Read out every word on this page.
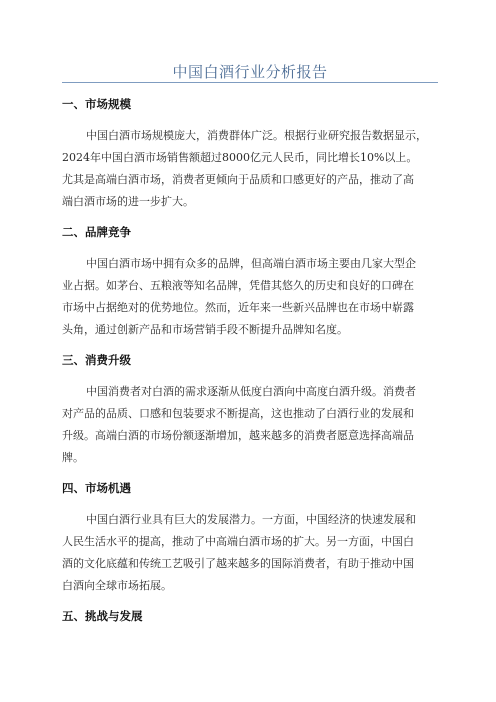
中国白酒行业分析报告
一、市场规模

中国白酒市场规模庞大，消费群体广泛。根据行业研究报告数据显示，
2024年中国白酒市场销售额超过8000亿元人民币，同比增长10%以上。
尤其是高端白酒市场，消费者更倾向于品质和口感更好的产品，推动了高
端白酒市场的进一步扩大。

二、品牌竞争

中国白酒市场中拥有众多的品牌，但高端白酒市场主要由几家大型企
业占据。如茅台、五粮液等知名品牌，凭借其悠久的历史和良好的口碑在
市场中占据绝对的优势地位。然而，近年来一些新兴品牌也在市场中崭露
头角，通过创新产品和市场营销手段不断提升品牌知名度。

三、消费升级

中国消费者对白酒的需求逐渐从低度白酒向中高度白酒升级。消费者
对产品的品质、口感和包装要求不断提高，这也推动了白酒行业的发展和
升级。高端白酒的市场份额逐渐增加，越来越多的消费者愿意选择高端品
牌。

四、市场机遇

中国白酒行业具有巨大的发展潜力。一方面，中国经济的快速发展和
人民生活水平的提高，推动了中高端白酒市场的扩大。另一方面，中国白
酒的文化底蕴和传统工艺吸引了越来越多的国际消费者，有助于推动中国
白酒向全球市场拓展。

五、挑战与发展
